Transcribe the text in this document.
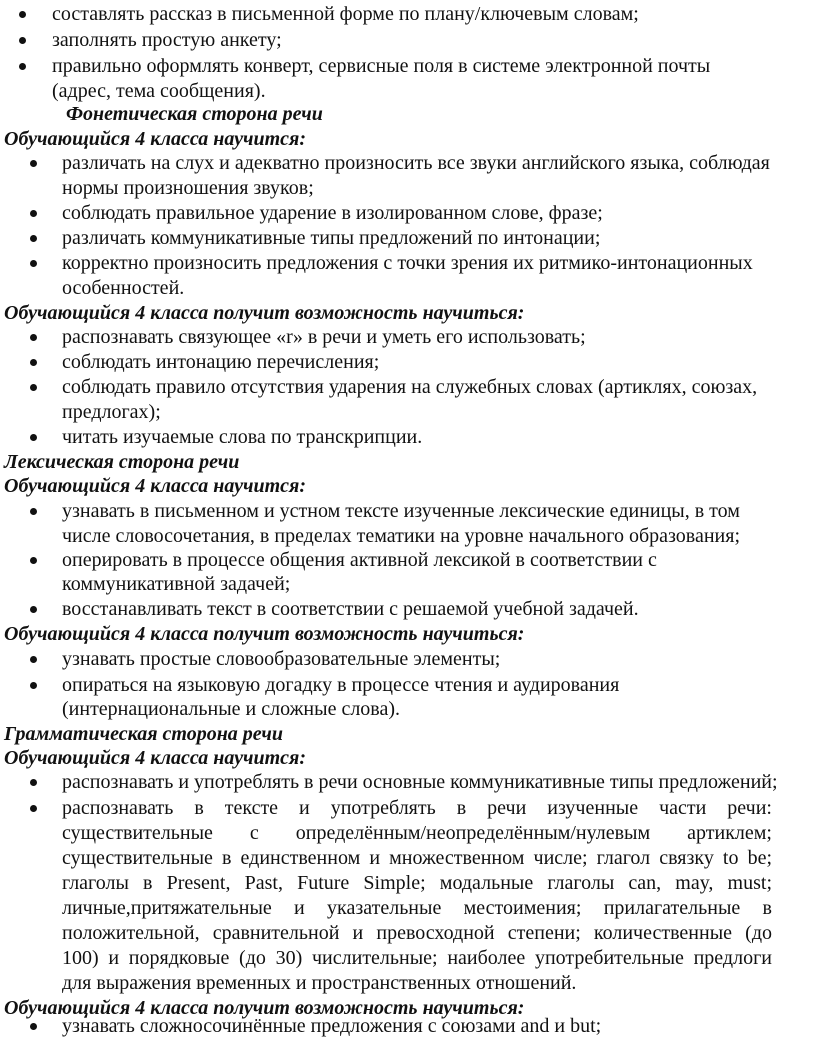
составлять рассказ в письменной форме по плану/ключевым словам;
заполнять простую анкету;
правильно оформлять конверт, сервисные поля в системе электронной почты
(адрес, тема сообщения).
Фонетическая сторона речи
Обучающийся 4 класса научится:
различать на слух и адекватно произносить все звуки английского языка, соблюдая
нормы произношения звуков;
соблюдать правильное ударение в изолированном слове, фразе;
различать коммуникативные типы предложений по интонации;
корректно произносить предложения с точки зрения их ритмико-интонационных
особенностей.
Обучающийся 4 класса получит возможность научиться:
распознавать связующее «r» в речи и уметь его использовать;
соблюдать интонацию перечисления;
соблюдать правило отсутствия ударения на служебных словах (артиклях, союзах,
предлогах);
читать изучаемые слова по транскрипции.
Лексическая сторона речи
Обучающийся 4 класса научится:
узнавать в письменном и устном тексте изученные лексические единицы, в том
числе словосочетания, в пределах тематики на уровне начального образования;
оперировать в процессе общения активной лексикой в соответствии с
коммуникативной задачей;
восстанавливать текст в соответствии с решаемой учебной задачей.
Обучающийся 4 класса получит возможность научиться:
узнавать простые словообразовательные элементы;
опираться на языковую догадку в процессе чтения и аудирования
(интернациональные и сложные слова).
Грамматическая сторона речи
Обучающийся 4 класса научится:
распознавать и употреблять в речи основные коммуникативные типы предложений;
распознавать в тексте и употреблять в речи изученные части речи:
существительные с определённым/неопределённым/нулевым артиклем;
существительные в единственном и множественном числе; глагол связку to be;
глаголы в Present, Past, Future Simple; модальные глаголы can, may, must;
личные,притяжательные и указательные местоимения; прилагательные в
положительной, сравнительной и превосходной степени; количественные (до
100) и порядковые (до 30) числительные; наиболее употребительные предлоги
для выражения временных и пространственных отношений.
Обучающийся 4 класса получит возможность научиться:
узнавать сложносочинённые предложения с союзами and и but;
